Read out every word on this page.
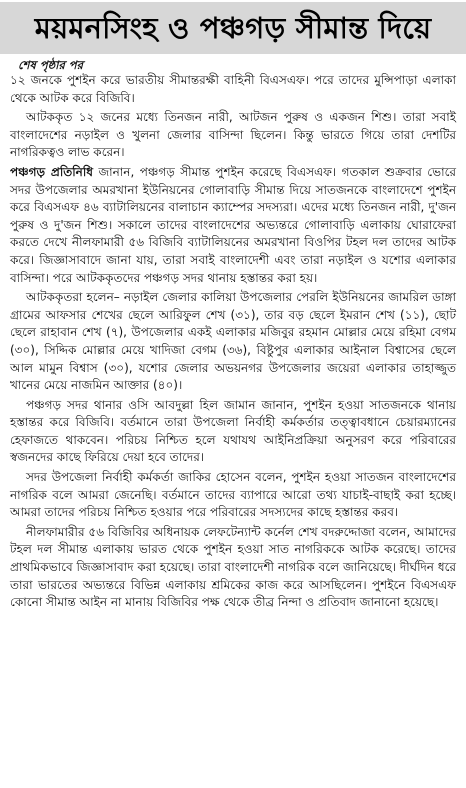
ময়মনসিংহ ও পঞ্চগড় সীমান্ত দিয়ে
শেষ পৃষ্ঠার পর

১২ জনকে পুশইন করে ভারতীয় সীমান্তরক্ষী বাহিনী বিএসএফ। পরে তাদের মুন্সিপাড়া এলাকা থেকে আটক করে বিজিবি।

আটককৃত ১২ জনের মধ্যে তিনজন নারী, আটজন পুরুষ ও একজন শিশু। তারা সবাই বাংলাদেশের নড়াইল ও খুলনা জেলার বাসিন্দা ছিলেন। কিন্তু ভারতে গিয়ে তারা দেশটির নাগরিকত্বও লাভ করেন।

পঞ্চগড় প্রতিনিধি জানান, পঞ্চগড় সীমান্ত পুশইন করেছে বিএসএফ। গতকাল শুক্রবার ভোরে সদর উপজেলার অমরখানা ইউনিয়নের গোলাবাড়ি সীমান্ত দিয়ে সাতজনকে বাংলাদেশে পুশইন করে বিএসএফ ৪৬ ব্যাটালিয়নের বালাচান ক্যাম্পের সদস্যরা। এদের মধ্যে তিনজন নারী, দু'জন পুরুষ ও দু'জন শিশু। সকালে তাদের বাংলাদেশের অভ্যন্তরে গোলাবাড়ি এলাকায় ঘোরাফেরা করতে দেখে নীলফামারী ৫৬ বিজিবি ব্যাটালিয়নের অমরখানা বিওপির টহল দল তাদের আটক করে। জিজ্ঞাসাবাদে জানা যায়, তারা সবাই বাংলাদেশী এবং তারা নড়াইল ও যশোর এলাকার বাসিন্দা। পরে আটককৃতদের পঞ্চগড় সদর থানায় হস্তান্তর করা হয়।

আটককৃতরা হলেন– নড়াইল জেলার কালিয়া উপজেলার পেরলি ইউনিয়নের জামরিল ডাঙ্গা গ্রামের আফসার শেখের ছেলে আরিফুল শেখ (৩১), তার বড় ছেলে ইমরান শেখ (১১), ছোট ছেলে রাহাবান শেখ (৭), উপজেলার একই এলাকার মজিবুর রহমান মোল্লার মেয়ে রহিমা বেগম (৩০), সিদ্দিক মোল্লার মেয়ে খাদিজা বেগম (৩৬), বিষ্টুপুর এলাকার আইনাল বিশ্বাসের ছেলে আল মামুন বিশ্বাস (৩০), যশোর জেলার অভয়নগর উপজেলার জয়েরা এলাকার তাহাজ্জুত খানের মেয়ে নাজমিন আক্তার (৪০)।

পঞ্চগড় সদর থানার ওসি আবদুল্লা হিল জামান জানান, পুশইন হওয়া সাতজনকে থানায় হস্তান্তর করে বিজিবি। বর্তমানে তারা উপজেলা নির্বাহী কর্মকর্তার তত্ত্বাবধানে চেয়ারম্যানের হেফাজতে থাকবেন। পরিচয় নিশ্চিত হলে যথাযথ আইনিপ্রক্রিয়া অনুসরণ করে পরিবারের স্বজনদের কাছে ফিরিয়ে দেয়া হবে তাদের।

সদর উপজেলা নির্বাহী কর্মকর্তা জাকির হোসেন বলেন, পুশইন হওয়া সাতজন বাংলাদেশের নাগরিক বলে আমরা জেনেছি। বর্তমানে তাদের ব্যাপারে আরো তথ্য যাচাই-বাছাই করা হচ্ছে। আমরা তাদের পরিচয় নিশ্চিত হওয়ার পরে পরিবারের সদস্যদের কাছে হস্তান্তর করব।

নীলফামারীর ৫৬ বিজিবির অধিনায়ক লেফটেন্যান্ট কর্নেল শেখ বদরুদ্দোজা বলেন, আমাদের টহল দল সীমান্ত এলাকায় ভারত থেকে পুশইন হওয়া সাত নাগরিককে আটক করেছে। তাদের প্রাথমিকভাবে জিজ্ঞাসাবাদ করা হয়েছে। তারা বাংলাদেশী নাগরিক বলে জানিয়েছে। দীর্ঘদিন ধরে তারা ভারতের অভ্যন্তরে বিভিন্ন এলাকায় শ্রমিকের কাজ করে আসছিলেন। পুশইনে বিএসএফ কোনো সীমান্ত আইন না মানায় বিজিবির পক্ষ থেকে তীব্র নিন্দা ও প্রতিবাদ জানানো হয়েছে।
